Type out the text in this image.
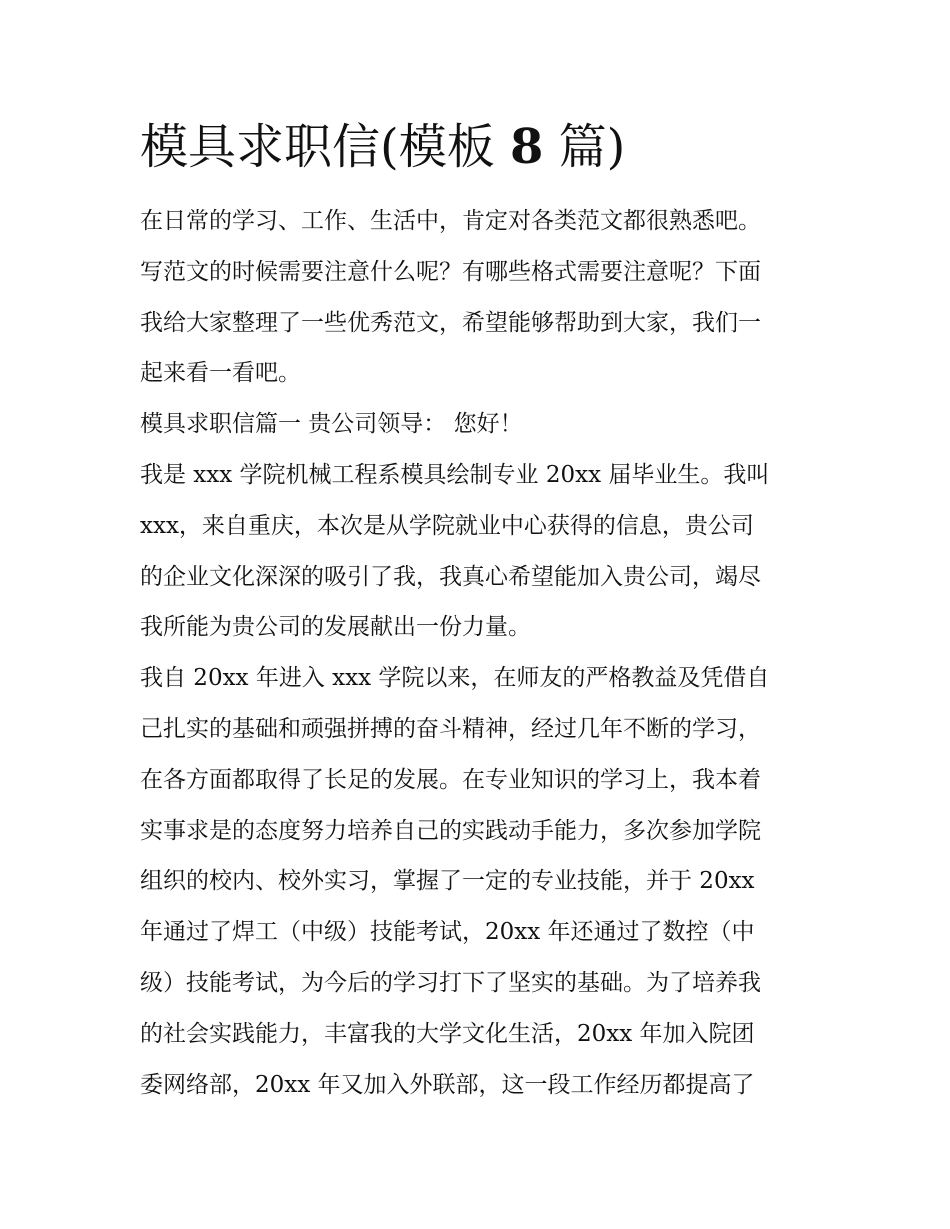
模具求职信(模板 8 篇)
在日常的学习、工作、生活中，肯定对各类范文都很熟悉吧。
写范文的时候需要注意什么呢？有哪些格式需要注意呢？下面
我给大家整理了一些优秀范文，希望能够帮助到大家，我们一
起来看一看吧。
模具求职信篇一 贵公司领导： 您好！
我是 xxx 学院机械工程系模具绘制专业 20xx 届毕业生。我叫
xxx，来自重庆，本次是从学院就业中心获得的信息，贵公司
的企业文化深深的吸引了我，我真心希望能加入贵公司，竭尽
我所能为贵公司的发展献出一份力量。
我自 20xx 年进入 xxx 学院以来，在师友的严格教益及凭借自
己扎实的基础和顽强拼搏的奋斗精神，经过几年不断的学习，
在各方面都取得了长足的发展。在专业知识的学习上，我本着
实事求是的态度努力培养自己的实践动手能力，多次参加学院
组织的校内、校外实习，掌握了一定的专业技能，并于 20xx
年通过了焊工（中级）技能考试，20xx 年还通过了数控（中
级）技能考试，为今后的学习打下了坚实的基础。为了培养我
的社会实践能力，丰富我的大学文化生活，20xx 年加入院团
委网络部，20xx 年又加入外联部，这一段工作经历都提高了
